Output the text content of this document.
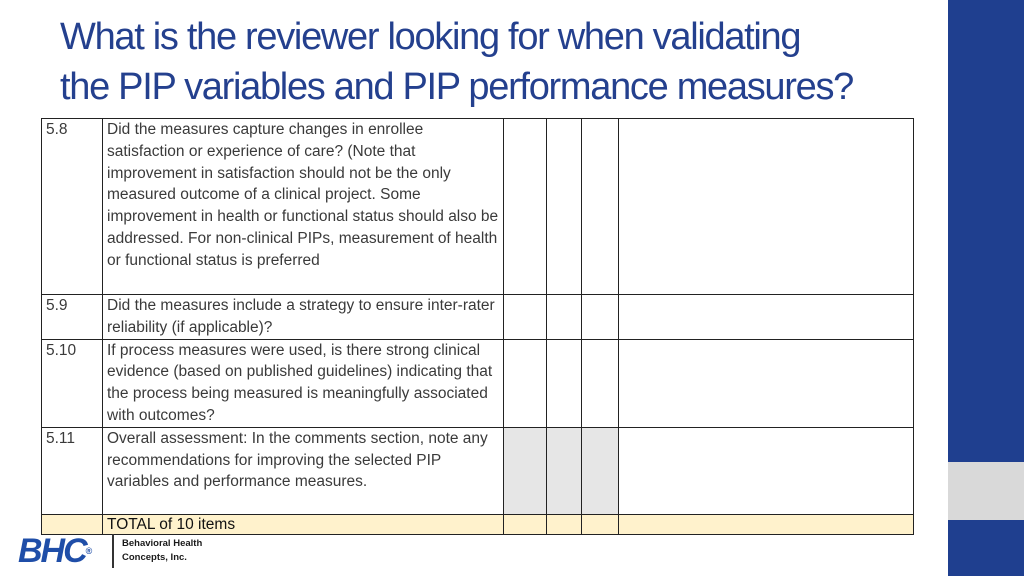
What is the reviewer looking for when validating
the PIP variables and PIP performance measures?
5.8	Did the measures capture changes in enrollee satisfaction or experience of care? (Note that improvement in satisfaction should not be the only measured outcome of a clinical project. Some improvement in health or functional status should also be addressed. For non-clinical PIPs, measurement of health or functional status is preferred				
5.9	Did the measures include a strategy to ensure inter-rater reliability (if applicable)?				
5.10	If process measures were used, is there strong clinical evidence (based on published guidelines) indicating that the process being measured is meaningfully associated with outcomes?				
5.11	Overall assessment: In the comments section, note any recommendations for improving the selected PIP variables and performance measures.				
	TOTAL of 10 items				
BHC®
Behavioral Health
Concepts, Inc.
